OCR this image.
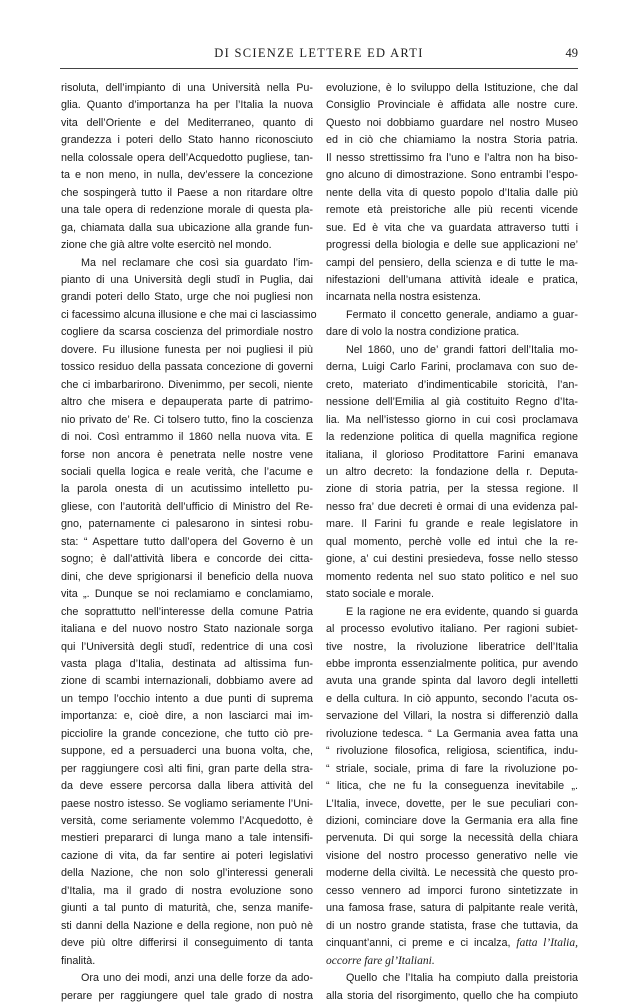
DI SCIENZE LETTERE ED ARTI	49
risoluta, dell’impianto di una Università nella Pu-
glia. Quanto d’importanza ha per l’Italia la nuova
vita dell’Oriente e del Mediterraneo, quanto di
grandezza i poteri dello Stato hanno riconosciuto
nella colossale opera dell’Acquedotto pugliese, tan-
ta e non meno, in nulla, dev’essere la concezione
che sospingerà tutto il Paese a non ritardare oltre
una tale opera di redenzione morale di questa pla-
ga, chiamata dalla sua ubicazione alla grande fun-
zione che già altre volte esercitò nel mondo.
Ma nel reclamare che così sia guardato l’im-
pianto di una Università degli studî in Puglia, dai
grandi poteri dello Stato, urge che noi pugliesi non
ci facessimo alcuna illusione e che mai ci lasciassimo
cogliere da scarsa coscienza del primordiale nostro
dovere. Fu illusione funesta per noi pugliesi il più
tossico residuo della passata concezione di governi
che ci imbarbarirono. Divenimmo, per secoli, niente
altro che misera e depauperata parte di patrimo-
nio privato de’ Re. Ci tolsero tutto, fino la coscienza
di noi. Così entrammo il 1860 nella nuova vita. E
forse non ancora è penetrata nelle nostre vene
sociali quella logica e reale verità, che l’acume e
la parola onesta di un acutissimo intelletto pu-
gliese, con l’autorità dell’ufficio di Ministro del Re-
gno, paternamente ci palesarono in sintesi robu-
sta: “ Aspettare tutto dall’opera del Governo è un
sogno; è dall’attività libera e concorde dei citta-
dini, che deve sprigionarsi il beneficio della nuova
vita „. Dunque se noi reclamiamo e conclamiamo,
che soprattutto nell’interesse della comune Patria
italiana e del nuovo nostro Stato nazionale sorga
qui l’Università degli studî, redentrice di una così
vasta plaga d’Italia, destinata ad altissima fun-
zione di scambi internazionali, dobbiamo avere ad
un tempo l’occhio intento a due punti di suprema
importanza: e, cioè dire, a non lasciarci mai im-
picciolire la grande concezione, che tutto ciò pre-
suppone, ed a persuaderci una buona volta, che,
per raggiungere così alti fini, gran parte della stra-
da deve essere percorsa dalla libera attività del
paese nostro istesso. Se vogliamo seriamente l’Uni-
versità, come seriamente volemmo l’Acquedotto, è
mestieri prepararci di lunga mano a tale intensifi-
cazione di vita, da far sentire ai poteri legislativi
della Nazione, che non solo gl’interessi generali
d’Italia, ma il grado di nostra evoluzione sono
giunti a tal punto di maturità, che, senza manife-
sti danni della Nazione e della regione, non può nè
deve più oltre differirsi il conseguimento di tanta
finalità.
Ora uno dei modi, anzi una delle forze da ado-
perare per raggiungere quel tale grado di nostra
evoluzione, è lo sviluppo della Istituzione, che dal
Consiglio Provinciale è affidata alle nostre cure.
Questo noi dobbiamo guardare nel nostro Museo
ed in ciò che chiamiamo la nostra Storia patria.
Il nesso strettissimo fra l’uno e l’altra non ha biso-
gno alcuno di dimostrazione. Sono entrambi l’espo-
nente della vita di questo popolo d’Italia dalle più
remote età preistoriche alle più recenti vicende
sue. Ed è vita che va guardata attraverso tutti i
progressi della biologia e delle sue applicazioni ne’
campi del pensiero, della scienza e di tutte le ma-
nifestazioni dell’umana attività ideale e pratica,
incarnata nella nostra esistenza.
Fermato il concetto generale, andiamo a guar-
dare di volo la nostra condizione pratica.
Nel 1860, uno de’ grandi fattori dell’Italia mo-
derna, Luigi Carlo Farini, proclamava con suo de-
creto, materiato d’indimenticabile storicità, l’an-
nessione dell’Emilia al già costituito Regno d’Ita-
lia. Ma nell’istesso giorno in cui così proclamava
la redenzione politica di quella magnifica regione
italiana, il glorioso Proditattore Farini emanava
un altro decreto: la fondazione della r. Deputa-
zione di storia patria, per la stessa regione. Il
nesso fra’ due decreti è ormai di una evidenza pal-
mare. Il Farini fu grande e reale legislatore in
qual momento, perchè volle ed intuì che la re-
gione, a’ cui destini presiedeva, fosse nello stesso
momento redenta nel suo stato politico e nel suo
stato sociale e morale.
E la ragione ne era evidente, quando si guarda
al processo evolutivo italiano. Per ragioni subiet-
tive nostre, la rivoluzione liberatrice dell’Italia
ebbe impronta essenzialmente politica, pur avendo
avuta una grande spinta dal lavoro degli intelletti
e della cultura. In ciò appunto, secondo l’acuta os-
servazione del Villari, la nostra si differenziò dalla
rivoluzione tedesca. “ La Germania avea fatta una
“ rivoluzione filosofica, religiosa, scientifica, indu-
“ striale, sociale, prima di fare la rivoluzione po-
“ litica, che ne fu la conseguenza inevitabile „.
L’Italia, invece, dovette, per le sue peculiari con-
dizioni, cominciare dove la Germania era alla fine
pervenuta. Di qui sorge la necessità della chiara
visione del nostro processo generativo nelle vie
moderne della civiltà. Le necessità che questo pro-
cesso vennero ad imporci furono sintetizzate in
una famosa frase, satura di palpitante reale verità,
di un nostro grande statista, frase che tuttavia, da
cinquant’anni, ci preme e ci incalza, fatta l’Italia,
occorre fare gl’Italiani.
Quello che l’Italia ha compiuto dalla preistoria
alla storia del risorgimento, quello che ha compiuto
